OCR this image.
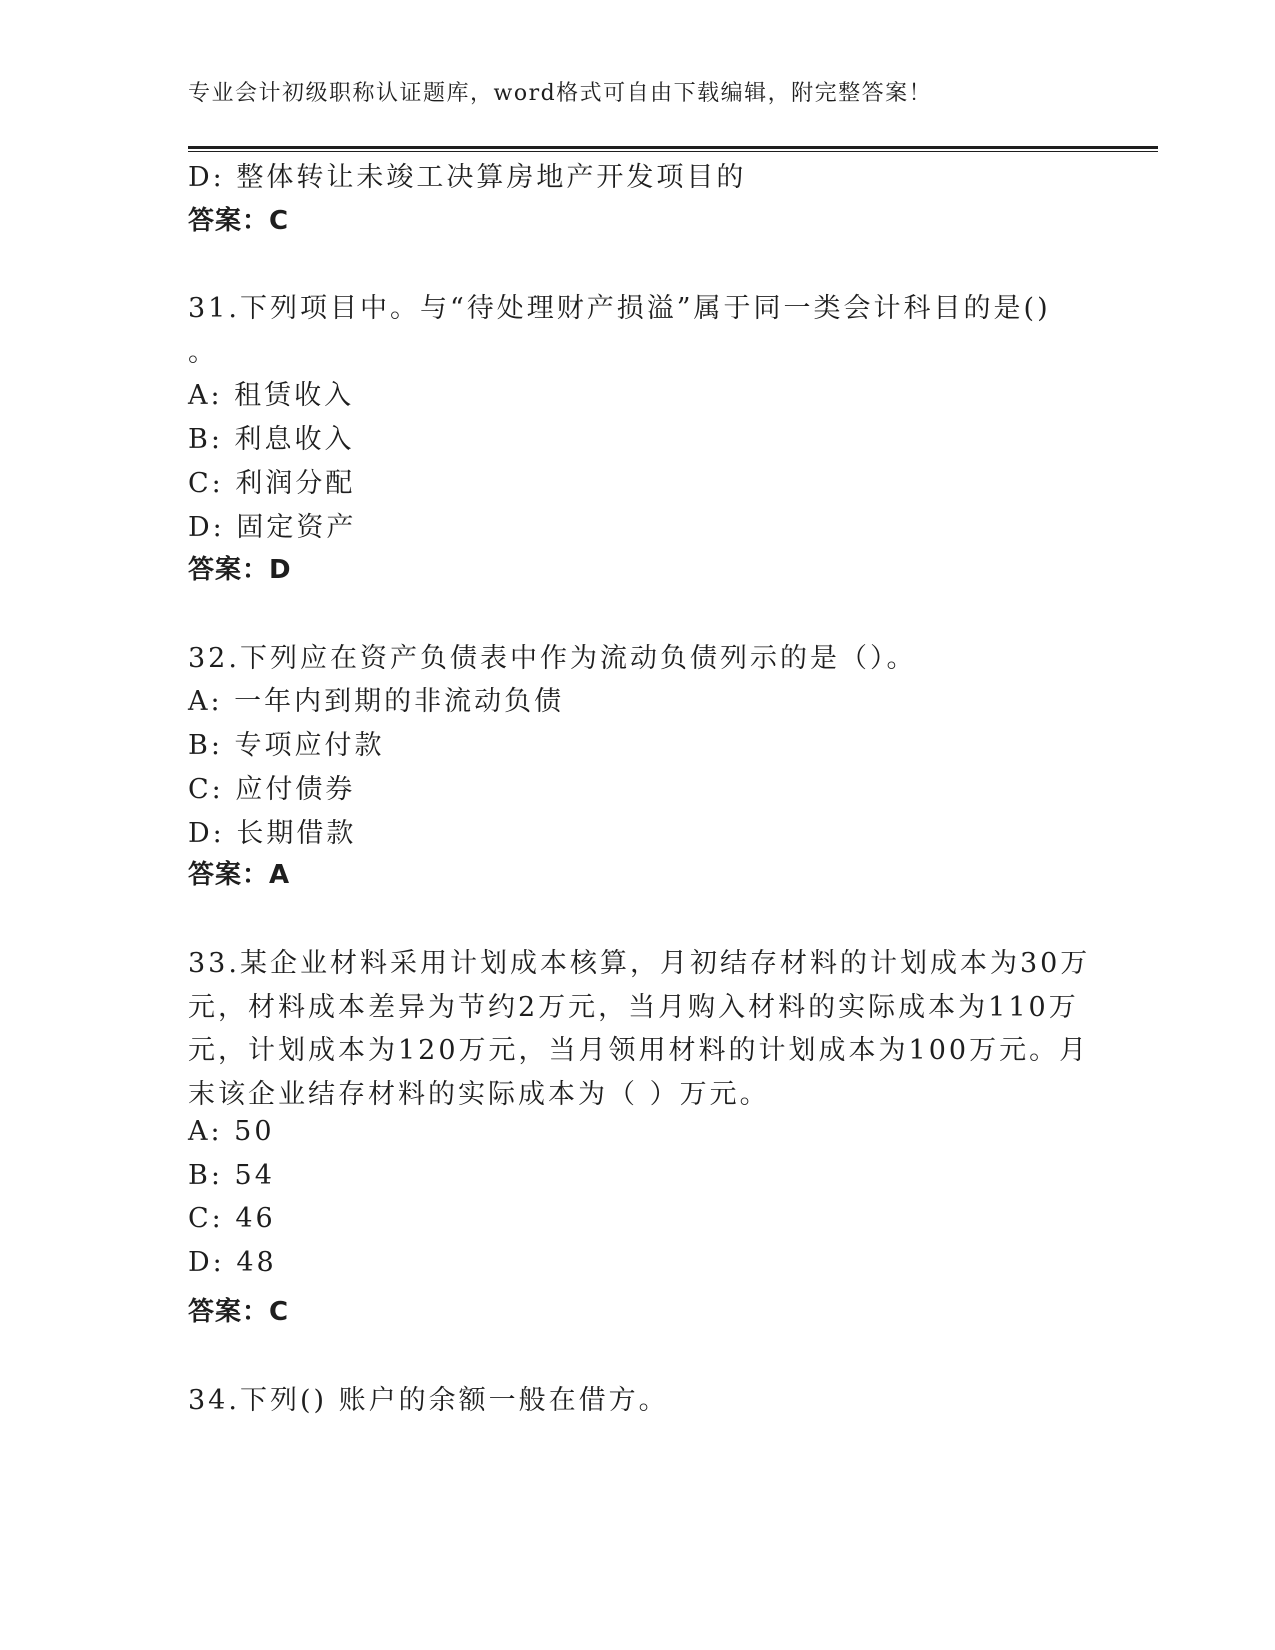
专业会计初级职称认证题库，word格式可自由下载编辑，附完整答案！
D: 整体转让未竣工决算房地产开发项目的
答案：C
31.下列项目中。与“待处理财产损溢”属于同一类会计科目的是()
。
A: 租赁收入
B: 利息收入
C: 利润分配
D: 固定资产
答案：D
32.下列应在资产负债表中作为流动负债列示的是（）。
A: 一年内到期的非流动负债
B: 专项应付款
C: 应付债券
D: 长期借款
答案：A
33.某企业材料采用计划成本核算，月初结存材料的计划成本为30万
元，材料成本差异为节约2万元，当月购入材料的实际成本为110万
元，计划成本为120万元，当月领用材料的计划成本为100万元。月
末该企业结存材料的实际成本为（ ）万元。
A: 50
B: 54
C: 46
D: 48
答案：C
34.下列() 账户的余额一般在借方。
